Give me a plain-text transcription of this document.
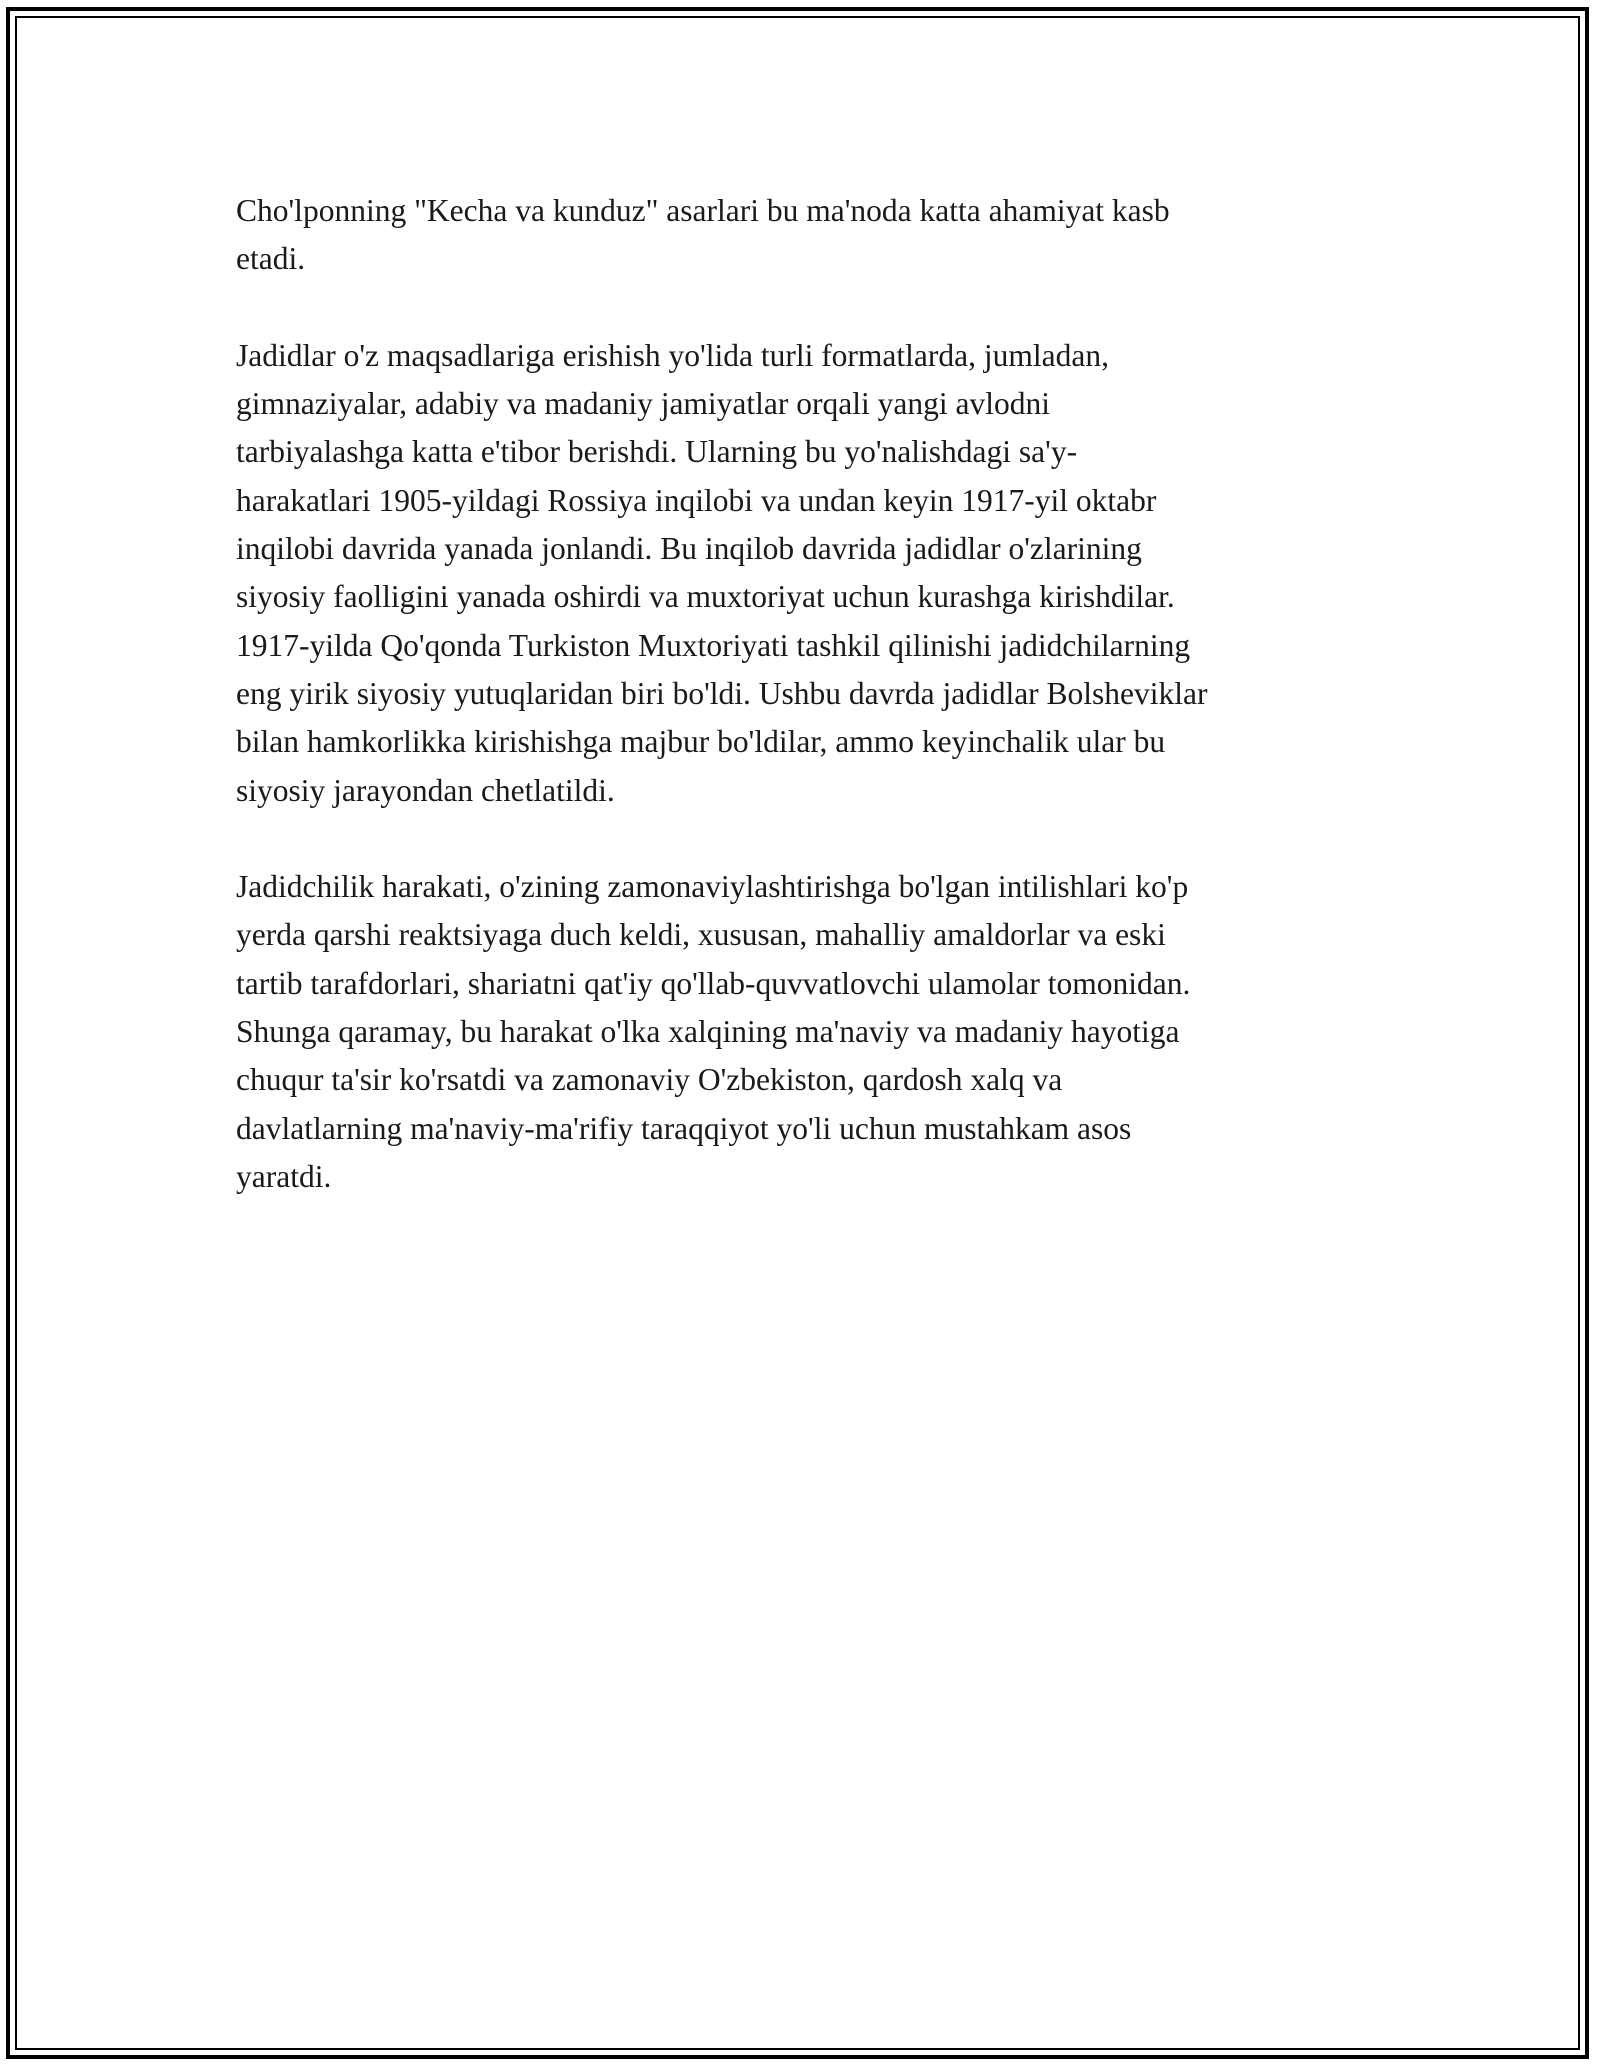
Cho'lponning "Kecha va kunduz" asarlari bu ma'noda katta ahamiyat kasb
etadi.

Jadidlar o'z maqsadlariga erishish yo'lida turli formatlarda, jumladan,
gimnaziyalar, adabiy va madaniy jamiyatlar orqali yangi avlodni
tarbiyalashga katta e'tibor berishdi. Ularning bu yo'nalishdagi sa'y-
harakatlari 1905-yildagi Rossiya inqilobi va undan keyin 1917-yil oktabr
inqilobi davrida yanada jonlandi. Bu inqilob davrida jadidlar o'zlarining
siyosiy faolligini yanada oshirdi va muxtoriyat uchun kurashga kirishdilar.
1917-yilda Qo'qonda Turkiston Muxtoriyati tashkil qilinishi jadidchilarning
eng yirik siyosiy yutuqlaridan biri bo'ldi. Ushbu davrda jadidlar Bolsheviklar
bilan hamkorlikka kirishishga majbur bo'ldilar, ammo keyinchalik ular bu
siyosiy jarayondan chetlatildi.

Jadidchilik harakati, o'zining zamonaviylashtirishga bo'lgan intilishlari ko'p
yerda qarshi reaktsiyaga duch keldi, xususan, mahalliy amaldorlar va eski
tartib tarafdorlari, shariatni qat'iy qo'llab-quvvatlovchi ulamolar tomonidan.
Shunga qaramay, bu harakat o'lka xalqining ma'naviy va madaniy hayotiga
chuqur ta'sir ko'rsatdi va zamonaviy O'zbekiston, qardosh xalq va
davlatlarning ma'naviy-ma'rifiy taraqqiyot yo'li uchun mustahkam asos
yaratdi.
